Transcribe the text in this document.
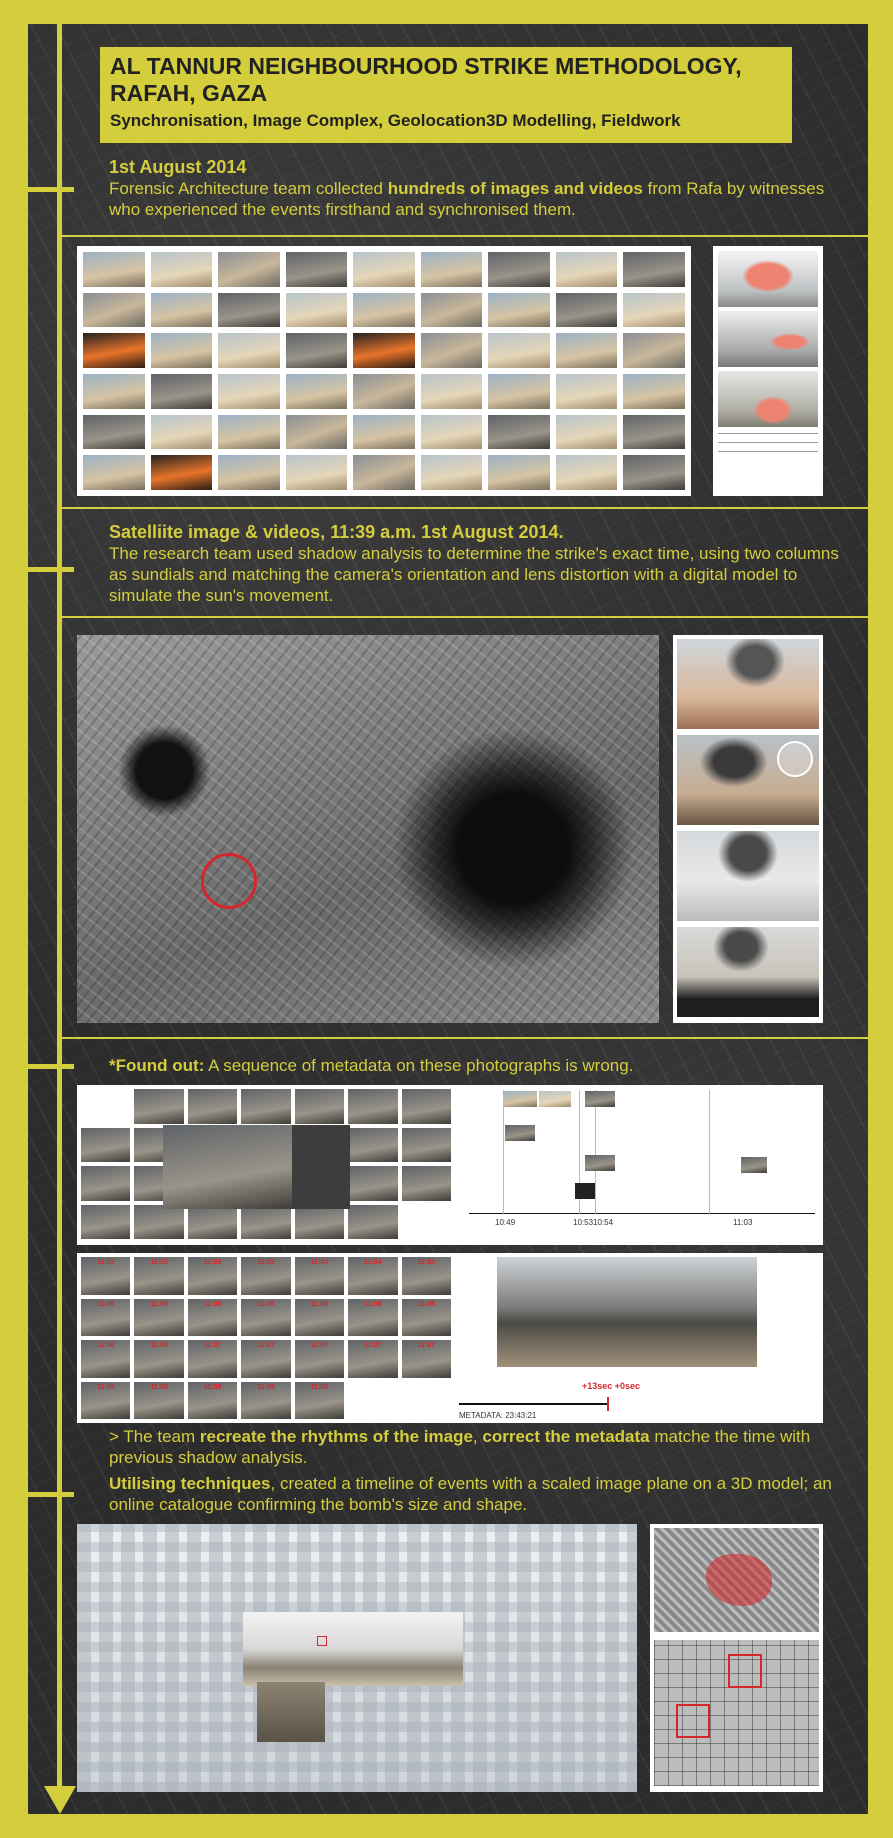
AL TANNUR NEIGHBOURHOOD STRIKE METHODOLOGY,
RAFAH, GAZA

Synchronisation, Image Complex, Geolocation3D Modelling, Fieldwork
1st August 2014
Forensic Architecture team collected hundreds of images and videos from Rafa by witnesses who experienced the events firsthand and synchronised them.
Satelliite image & videos, 11:39 a.m. 1st August 2014.
The research team used shadow analysis to determine the strike's exact time, using two columns as sundials and matching the camera's orientation and lens distortion with a digital model to simulate the sun's movement.
*Found out: A sequence of metadata on these photographs is wrong.
10:49	10:53 10:54	11:03
11:03	11:03	11:03	11:03	11:04	11:04	11:04
11:05	11:05	11:05	11:05	11:06	11:06	11:06
11:06	11:06	11:07	11:07	11:07	11:07	11:07
11:08	11:08	11:08	11:08	11:08	+13sec +0sec
METADATA: 23:43:21
> The team recreate the rhythms of the image, correct the metadata matche the time with previous shadow analysis.
Utilising techniques, created a timeline of events with a scaled image plane on a 3D model; an online catalogue confirming the bomb's size and shape.
